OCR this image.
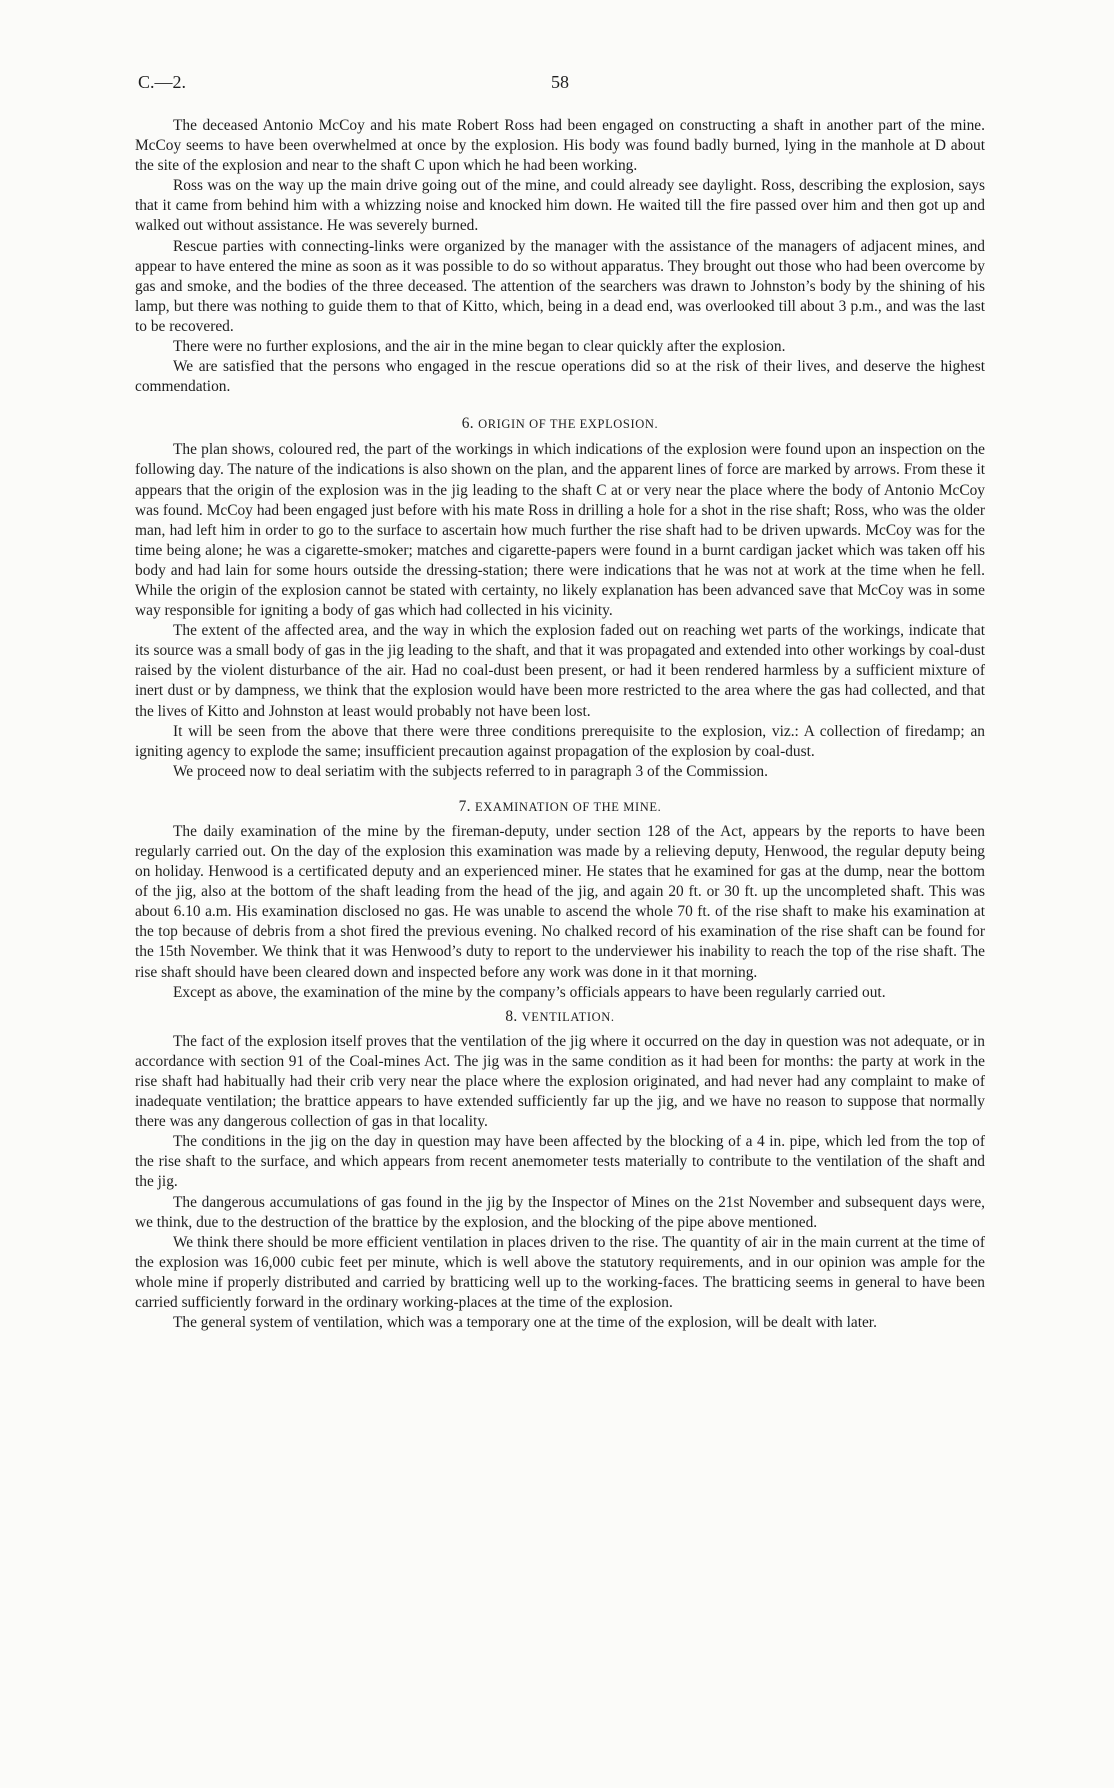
C.—2.	58

The deceased Antonio McCoy and his mate Robert Ross had been engaged on constructing a shaft in another part of the mine. McCoy seems to have been overwhelmed at once by the explosion. His body was found badly burned, lying in the manhole at D about the site of the explosion and near to the shaft C upon which he had been working.

Ross was on the way up the main drive going out of the mine, and could already see daylight. Ross, describing the explosion, says that it came from behind him with a whizzing noise and knocked him down. He waited till the fire passed over him and then got up and walked out without assistance. He was severely burned.

Rescue parties with connecting-links were organized by the manager with the assistance of the managers of adjacent mines, and appear to have entered the mine as soon as it was possible to do so without apparatus. They brought out those who had been overcome by gas and smoke, and the bodies of the three deceased. The attention of the searchers was drawn to Johnston’s body by the shining of his lamp, but there was nothing to guide them to that of Kitto, which, being in a dead end, was overlooked till about 3 p.m., and was the last to be recovered.

There were no further explosions, and the air in the mine began to clear quickly after the explosion.

We are satisfied that the persons who engaged in the rescue operations did so at the risk of their lives, and deserve the highest commendation.

6. ORIGIN OF THE EXPLOSION.

The plan shows, coloured red, the part of the workings in which indications of the explosion were found upon an inspection on the following day. The nature of the indications is also shown on the plan, and the apparent lines of force are marked by arrows. From these it appears that the origin of the explosion was in the jig leading to the shaft C at or very near the place where the body of Antonio McCoy was found. McCoy had been engaged just before with his mate Ross in drilling a hole for a shot in the rise shaft; Ross, who was the older man, had left him in order to go to the surface to ascertain how much further the rise shaft had to be driven upwards. McCoy was for the time being alone; he was a cigarette-smoker; matches and cigarette-papers were found in a burnt cardigan jacket which was taken off his body and had lain for some hours outside the dressing-station; there were indications that he was not at work at the time when he fell. While the origin of the explosion cannot be stated with certainty, no likely explanation has been advanced save that McCoy was in some way responsible for igniting a body of gas which had collected in his vicinity.

The extent of the affected area, and the way in which the explosion faded out on reaching wet parts of the workings, indicate that its source was a small body of gas in the jig leading to the shaft, and that it was propagated and extended into other workings by coal-dust raised by the violent disturbance of the air. Had no coal-dust been present, or had it been rendered harmless by a sufficient mixture of inert dust or by dampness, we think that the explosion would have been more restricted to the area where the gas had collected, and that the lives of Kitto and Johnston at least would probably not have been lost.

It will be seen from the above that there were three conditions prerequisite to the explosion, viz.: A collection of firedamp; an igniting agency to explode the same; insufficient precaution against propagation of the explosion by coal-dust.

We proceed now to deal seriatim with the subjects referred to in paragraph 3 of the Commission.

7. EXAMINATION OF THE MINE.

The daily examination of the mine by the fireman-deputy, under section 128 of the Act, appears by the reports to have been regularly carried out. On the day of the explosion this examination was made by a relieving deputy, Henwood, the regular deputy being on holiday. Henwood is a certificated deputy and an experienced miner. He states that he examined for gas at the dump, near the bottom of the jig, also at the bottom of the shaft leading from the head of the jig, and again 20 ft. or 30 ft. up the uncompleted shaft. This was about 6.10 a.m. His examination disclosed no gas. He was unable to ascend the whole 70 ft. of the rise shaft to make his examination at the top because of debris from a shot fired the previous evening. No chalked record of his examination of the rise shaft can be found for the 15th November. We think that it was Henwood’s duty to report to the underviewer his inability to reach the top of the rise shaft. The rise shaft should have been cleared down and inspected before any work was done in it that morning.

Except as above, the examination of the mine by the company’s officials appears to have been regularly carried out.

8. VENTILATION.

The fact of the explosion itself proves that the ventilation of the jig where it occurred on the day in question was not adequate, or in accordance with section 91 of the Coal-mines Act. The jig was in the same condition as it had been for months: the party at work in the rise shaft had habitually had their crib very near the place where the explosion originated, and had never had any complaint to make of inadequate ventilation; the brattice appears to have extended sufficiently far up the jig, and we have no reason to suppose that normally there was any dangerous collection of gas in that locality.

The conditions in the jig on the day in question may have been affected by the blocking of a 4 in. pipe, which led from the top of the rise shaft to the surface, and which appears from recent anemometer tests materially to contribute to the ventilation of the shaft and the jig.

The dangerous accumulations of gas found in the jig by the Inspector of Mines on the 21st November and subsequent days were, we think, due to the destruction of the brattice by the explosion, and the blocking of the pipe above mentioned.

We think there should be more efficient ventilation in places driven to the rise. The quantity of air in the main current at the time of the explosion was 16,000 cubic feet per minute, which is well above the statutory requirements, and in our opinion was ample for the whole mine if properly distributed and carried by bratticing well up to the working-faces. The bratticing seems in general to have been carried sufficiently forward in the ordinary working-places at the time of the explosion.

The general system of ventilation, which was a temporary one at the time of the explosion, will be dealt with later.
